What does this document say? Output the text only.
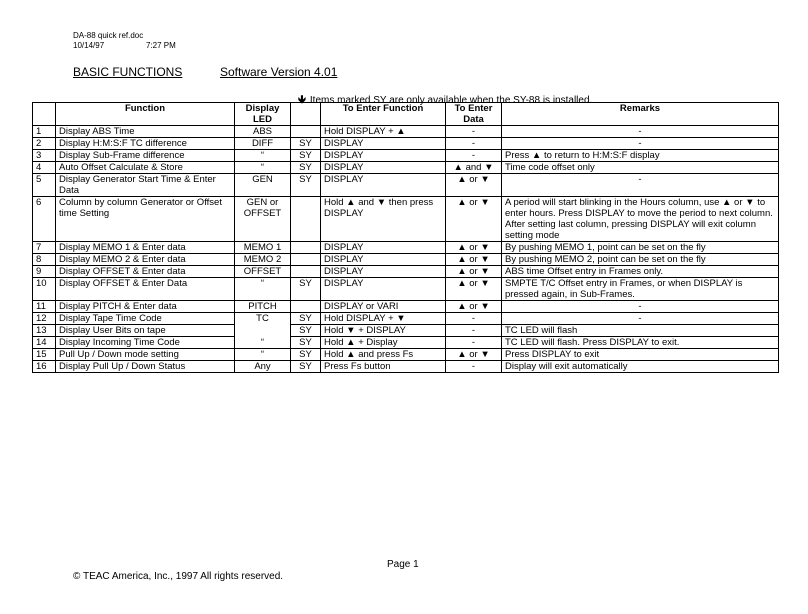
DA-88 quick ref.doc
10/14/97	7:27 PM
BASIC FUNCTIONS	Software Version 4.01
🡻 Items marked SY are only available when the SY-88 is installed.
	Function	Display LED		To Enter Function	To Enter Data	Remarks
1	Display ABS Time	ABS		Hold DISPLAY + ▲	-	-
2	Display H:M:S:F TC difference	DIFF	SY	DISPLAY	-	-
3	Display Sub-Frame difference	“	SY	DISPLAY	-	Press ▲ to return to H:M:S:F display
4	Auto Offset Calculate & Store	“	SY	DISPLAY	▲ and ▼	Time code offset only
5	Display Generator Start Time & Enter Data	GEN	SY	DISPLAY	▲ or ▼	-
6	Column by column Generator or Offset time Setting	GEN or OFFSET		Hold ▲ and ▼ then press DISPLAY	▲ or ▼	A period will start blinking in the Hours column, use ▲ or ▼ to enter hours. Press DISPLAY to move the period to next column. After setting last column, pressing DISPLAY will exit column setting mode
7	Display MEMO 1 & Enter data	MEMO 1		DISPLAY	▲ or ▼	By pushing MEMO 1, point can be set on the fly
8	Display MEMO 2 & Enter data	MEMO 2		DISPLAY	▲ or ▼	By pushing MEMO 2, point can be set on the fly
9	Display OFFSET & Enter data	OFFSET		DISPLAY	▲ or ▼	ABS time Offset entry in Frames only.
10	Display OFFSET & Enter Data	“	SY	DISPLAY	▲ or ▼	SMPTE T/C Offset entry in Frames, or when DISPLAY is pressed again, in Sub-Frames.
11	Display PITCH & Enter data	PITCH		DISPLAY or VARI	▲ or ▼	-
12	Display Tape Time Code	TC	SY	Hold DISPLAY + ▼	-	-
13	Display User Bits on tape		SY	Hold ▼ + DISPLAY	-	TC LED will flash
14	Display Incoming Time Code	“	SY	Hold ▲ + Display	-	TC LED will flash. Press DISPLAY to exit.
15	Pull Up / Down mode setting	“	SY	Hold ▲ and press Fs	▲ or ▼	Press DISPLAY to exit
16	Display Pull Up / Down Status	Any	SY	Press Fs button	-	Display will exit automatically
Page 1
© TEAC America, Inc., 1997 All rights reserved.
